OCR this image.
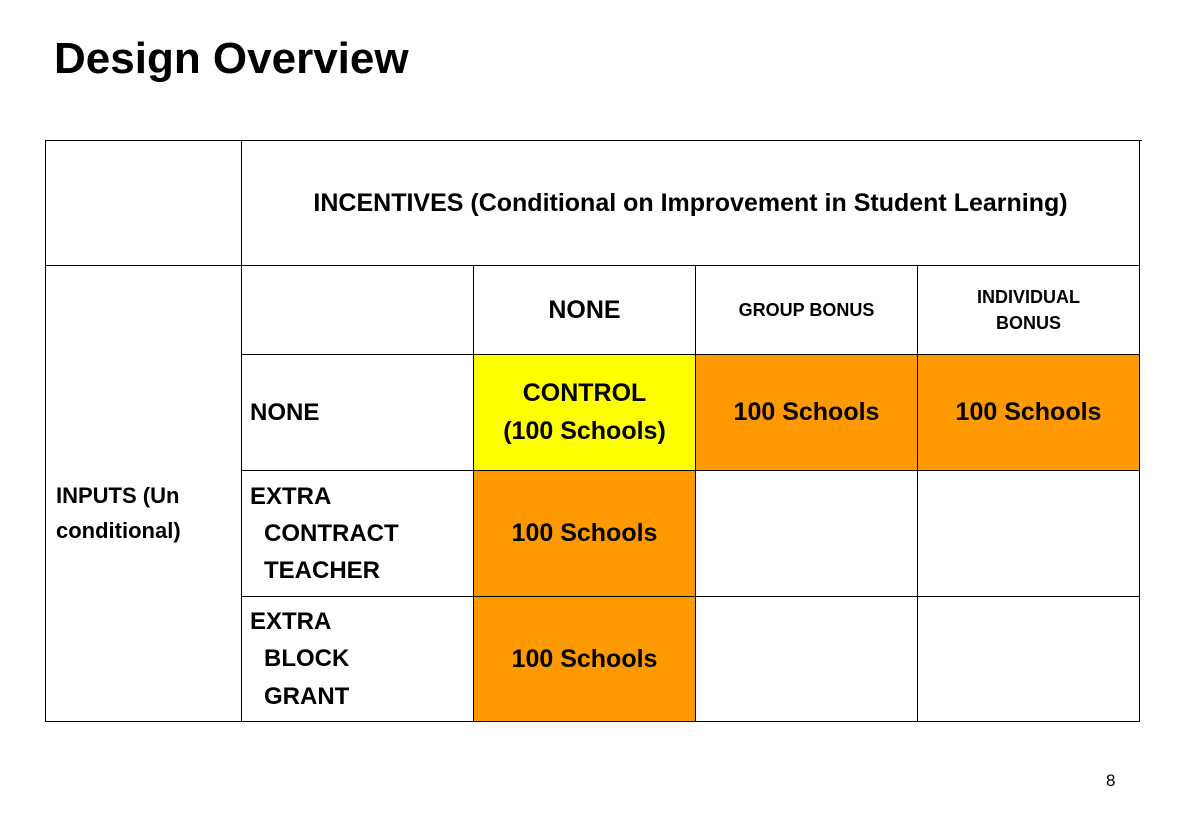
Design Overview
INCENTIVES (Conditional on Improvement in Student Learning)
INPUTS (Un
conditional)
NONE	GROUP BONUS
INDIVIDUAL BONUS
NONE
CONTROL
(100 Schools)
100 Schools	100 Schools
EXTRA
CONTRACT
TEACHER
100 Schools
EXTRA
BLOCK
GRANT
100 Schools
8
